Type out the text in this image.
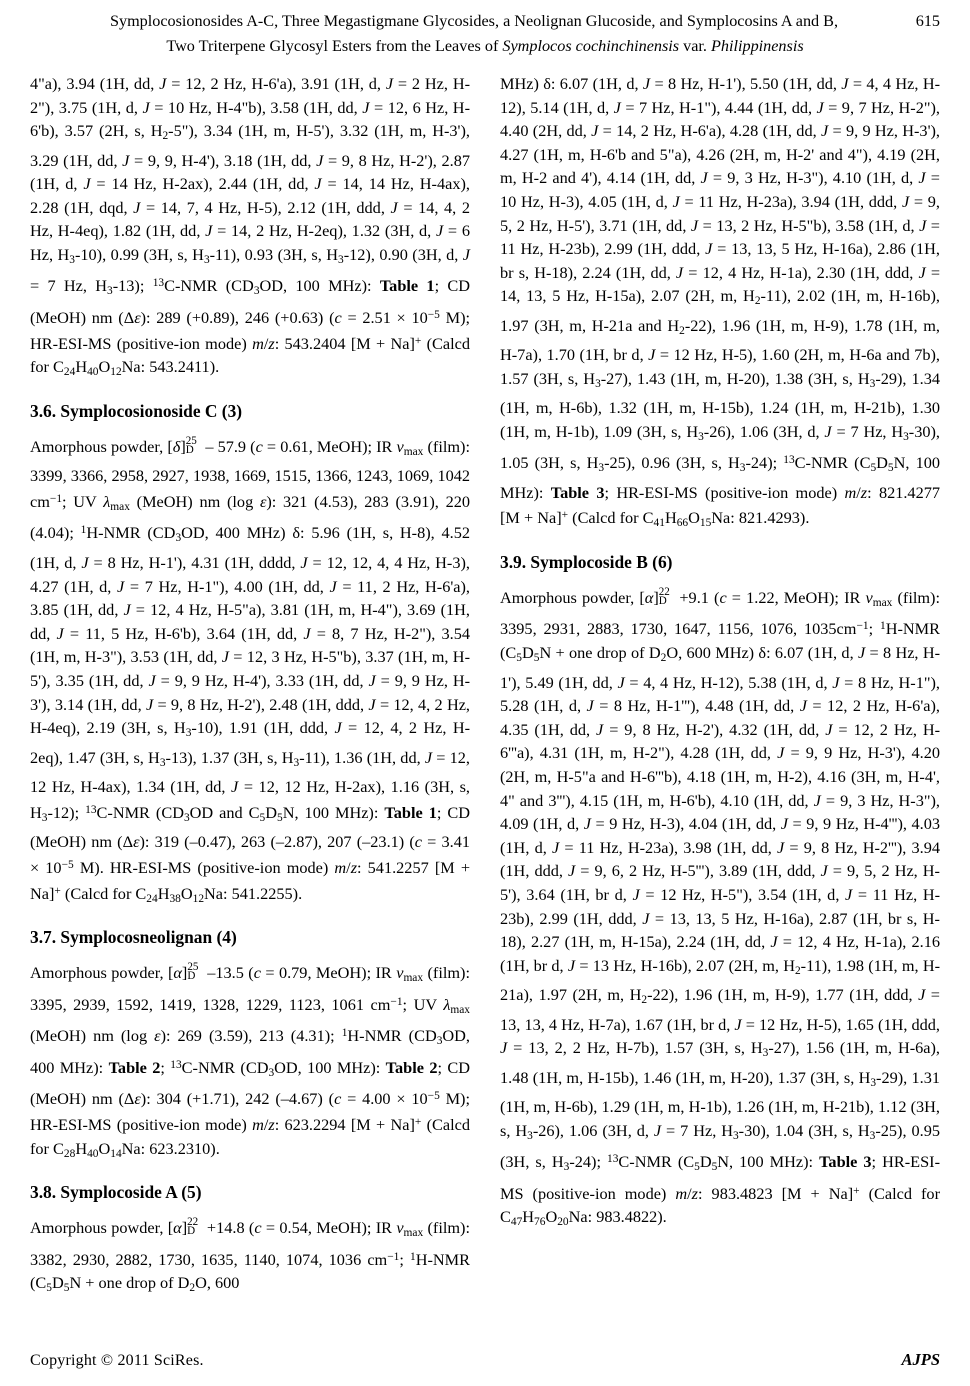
Symplocosionosides A-C, Three Megastigmane Glycosides, a Neolignan Glucoside, and Symplocosins A and B,	615
Two Triterpene Glycosyl Esters from the Leaves of Symplocos cochinchinensis var. Philippinensis

4"a), 3.94 (1H, dd, J = 12, 2 Hz, H-6'a), 3.91 (1H, d, J = 2 Hz, H-2"), 3.75 (1H, d, J = 10 Hz, H-4"b), 3.58 (1H, dd, J = 12, 6 Hz, H-6'b), 3.57 (2H, s, $H_2-5$"), 3.34 (1H, m, H-5'), 3.32 (1H, m, H-3'), 3.29 (1H, dd, J = 9, 9, H-4'), 3.18 (1H, dd, J = 9, 8 Hz, H-2'), 2.87 (1H, d, J = 14 Hz, H-2ax), 2.44 (1H, dd, J = 14, 14 Hz, H-4ax), 2.28 (1H, dqd, J = 14, 7, 4 Hz, H-5), 2.12 (1H, ddd, J = 14, 4, 2 Hz, H-4eq), 1.82 (1H, dd, J = 14, 2 Hz, H-2eq), 1.32 (3H, d, J = 6 Hz, $H_3-10$), 0.99 (3H, s, $H_3-11$), 0.93 (3H, s, $H_3-12$), 0.90 (3H, d, J = 7 Hz, $H_3-13$); $^{13}$C-NMR ($CD_3OD$, 100 MHz): Table 1; CD (MeOH) nm (Δε): 289 (+0.89), 246 (+0.63) ($c = 2.51 \times 10^{-5}$ M); HR-ESI-MS (positive-ion mode) m/z: 543.2404 [M + Na]+ (Calcd for $C_{24}H_{40}O_{12}Na$: 543.2411).

3.6. Symplocosionoside C (3)

Amorphous powder, [δ] 25
D – 57.9 (c = 0.61, MeOH); IR $\nu_{max}$ (film): 3399, 3366, 2958, 2927, 1938, 1669, 1515, 1366, 1243, 1069, 1042 $cm^{-1}$; UV $\lambda_{max}$ (MeOH) nm (log ε): 321 (4.53), 283 (3.91), 220 (4.04); $^1$H-NMR ($CD_3OD$, 400 MHz) δ: 5.96 (1H, s, H-8), 4.52 (1H, d, J = 8 Hz, H-1'), 4.31 (1H, dddd, J = 12, 12, 4, 4 Hz, H-3), 4.27 (1H, d, J = 7 Hz, H-1"), 4.00 (1H, dd, J = 11, 2 Hz, H-6'a), 3.85 (1H, dd, J = 12, 4 Hz, H-5"a), 3.81 (1H, m, H-4"), 3.69 (1H, dd, J = 11, 5 Hz, H-6'b), 3.64 (1H, dd, J = 8, 7 Hz, H-2"), 3.54 (1H, m, H-3"), 3.53 (1H, dd, J = 12, 3 Hz, H-5"b), 3.37 (1H, m, H-5'), 3.35 (1H, dd, J = 9, 9 Hz, H-4'), 3.33 (1H, dd, J = 9, 9 Hz, H-3'), 3.14 (1H, dd, J = 9, 8 Hz, H-2'), 2.48 (1H, ddd, J = 12, 4, 2 Hz, H-4eq), 2.19 (3H, s, $H_3-10$), 1.91 (1H, ddd, J = 12, 4, 2 Hz, H-2eq), 1.47 (3H, s, $H_3-13$), 1.37 (3H, s, $H_3-11$), 1.36 (1H, dd, J = 12, 12 Hz, H-4ax), 1.34 (1H, dd, J = 12, 12 Hz, H-2ax), 1.16 (3H, s, $H_3-12$); $^{13}$C-NMR ($CD_3OD$ and $C_5D_5N$, 100 MHz): Table 1; CD (MeOH) nm (Δε): 319 (–0.47), 263 (–2.87), 207 (–23.1) ($c = 3.41 \times 10^{-5}$ M). HR-ESI-MS (positive-ion mode) m/z: 541.2257 [M + Na]+ (Calcd for $C_{24}H_{38}O_{12}Na$: 541.2255).

3.7. Symplocosneolignan (4)

Amorphous powder, [α] 25
D –13.5 (c = 0.79, MeOH); IR $\nu_{max}$ (film): 3395, 2939, 1592, 1419, 1328, 1229, 1123, 1061 $cm^{-1}$; UV $\lambda_{max}$ (MeOH) nm (log ε): 269 (3.59), 213 (4.31); $^1$H-NMR ($CD_3OD$, 400 MHz): Table 2; $^{13}$C-NMR ($CD_3OD$, 100 MHz): Table 2; CD (MeOH) nm (Δε): 304 (+1.71), 242 (–4.67) ($c = 4.00 \times 10^{-5}$ M); HR-ESI-MS (positive-ion mode) m/z: 623.2294 [M + Na]+ (Calcd for $C_{28}H_{40}O_{14}Na$: 623.2310).

3.8. Symplocoside A (5)

Amorphous powder, [α] 22
D +14.8 (c = 0.54, MeOH); IR $\nu_{max}$ (film): 3382, 2930, 2882, 1730, 1635, 1140, 1074, 1036 $cm^{-1}$; $^1$H-NMR ($C_5D_5N$ + one drop of $D_2O$, 600

MHz) δ: 6.07 (1H, d, J = 8 Hz, H-1'), 5.50 (1H, dd, J = 4, 4 Hz, H-12), 5.14 (1H, d, J = 7 Hz, H-1"), 4.44 (1H, dd, J = 9, 7 Hz, H-2"), 4.40 (2H, dd, J = 14, 2 Hz, H-6'a), 4.28 (1H, dd, J = 9, 9 Hz, H-3'), 4.27 (1H, m, H-6'b and 5"a), 4.26 (2H, m, H-2' and 4"), 4.19 (2H, m, H-2 and 4'), 4.14 (1H, dd, J = 9, 3 Hz, H-3"), 4.10 (1H, d, J = 10 Hz, H-3), 4.05 (1H, d, J = 11 Hz, H-23a), 3.94 (1H, ddd, J = 9, 5, 2 Hz, H-5'), 3.71 (1H, dd, J = 13, 2 Hz, H-5"b), 3.58 (1H, d, J = 11 Hz, H-23b), 2.99 (1H, ddd, J = 13, 13, 5 Hz, H-16a), 2.86 (1H, br s, H-18), 2.24 (1H, dd, J = 12, 4 Hz, H-1a), 2.30 (1H, ddd, J = 14, 13, 5 Hz, H-15a), 2.07 (2H, m, $H_2-11$), 2.02 (1H, m, H-16b), 1.97 (3H, m, H-21a and $H_2-22$), 1.96 (1H, m, H-9), 1.78 (1H, m, H-7a), 1.70 (1H, br d, J = 12 Hz, H-5), 1.60 (2H, m, H-6a and 7b), 1.57 (3H, s, $H_3-27$), 1.43 (1H, m, H-20), 1.38 (3H, s, $H_3-29$), 1.34 (1H, m, H-6b), 1.32 (1H, m, H-15b), 1.24 (1H, m, H-21b), 1.30 (1H, m, H-1b), 1.09 (3H, s, $H_3-26$), 1.06 (3H, d, J = 7 Hz, $H_3-30$), 1.05 (3H, s, $H_3-25$), 0.96 (3H, s, $H_3-24$); $^{13}$C-NMR ($C_5D_5N$, 100 MHz): Table 3; HR-ESI-MS (positive-ion mode) m/z: 821.4277 [M + Na]+ (Calcd for $C_{41}H_{66}O_{15}Na$: 821.4293).

3.9. Symplocoside B (6)

Amorphous powder, [α] 22
D +9.1 (c = 1.22, MeOH); IR $\nu_{max}$ (film): 3395, 2931, 2883, 1730, 1647, 1156, 1076, $1035cm^{-1}$; $^1$H-NMR ($C_5D_5N$ + one drop of $D_2O$, 600 MHz) δ: 6.07 (1H, d, J = 8 Hz, H-1'), 5.49 (1H, dd, J = 4, 4 Hz, H-12), 5.38 (1H, d, J = 8 Hz, H-1"), 5.28 (1H, d, J = 8 Hz, H-1'''), 4.48 (1H, dd, J = 12, 2 Hz, H-6'a), 4.35 (1H, dd, J = 9, 8 Hz, H-2'), 4.32 (1H, dd, J = 12, 2 Hz, H-6'''a), 4.31 (1H, m, H-2"), 4.28 (1H, dd, J = 9, 9 Hz, H-3'), 4.20 (2H, m, H-5"a and H-6'''b), 4.18 (1H, m, H-2), 4.16 (3H, m, H-4', 4" and 3'''), 4.15 (1H, m, H-6'b), 4.10 (1H, dd, J = 9, 3 Hz, H-3"), 4.09 (1H, d, J = 9 Hz, H-3), 4.04 (1H, dd, J = 9, 9 Hz, H-4'''), 4.03 (1H, d, J = 11 Hz, H-23a), 3.98 (1H, dd, J = 9, 8 Hz, H-2'''), 3.94 (1H, ddd, J = 9, 6, 2 Hz, H-5'''), 3.89 (1H, ddd, J = 9, 5, 2 Hz, H-5'), 3.64 (1H, br d, J = 12 Hz, H-5"), 3.54 (1H, d, J = 11 Hz, H-23b), 2.99 (1H, ddd, J = 13, 13, 5 Hz, H-16a), 2.87 (1H, br s, H-18), 2.27 (1H, m, H-15a), 2.24 (1H, dd, J = 12, 4 Hz, H-1a), 2.16 (1H, br d, J = 13 Hz, H-16b), 2.07 (2H, m, $H_2-11$), 1.98 (1H, m, H-21a), 1.97 (2H, m, $H_2-22$), 1.96 (1H, m, H-9), 1.77 (1H, ddd, J = 13, 13, 4 Hz, H-7a), 1.67 (1H, br d, J = 12 Hz, H-5), 1.65 (1H, ddd, J = 13, 2, 2 Hz, H-7b), 1.57 (3H, s, $H_3-27$), 1.56 (1H, m, H-6a), 1.48 (1H, m, H-15b), 1.46 (1H, m, H-20), 1.37 (3H, s, $H_3-29$), 1.31 (1H, m, H-6b), 1.29 (1H, m, H-1b), 1.26 (1H, m, H-21b), 1.12 (3H, s, $H_3-26$), 1.06 (3H, d, J = 7 Hz, $H_3-30$), 1.04 (3H, s, $H_3-25$), 0.95 (3H, s, $H_3-24$); $^{13}$C-NMR ($C_5D_5N$, 100 MHz): Table 3; HR-ESI-MS (positive-ion mode) m/z: 983.4823 [M + Na]+ (Calcd for $C_{47}H_{76}O_{20}Na$: 983.4822).

Copyright © 2011 SciRes.	AJPS
